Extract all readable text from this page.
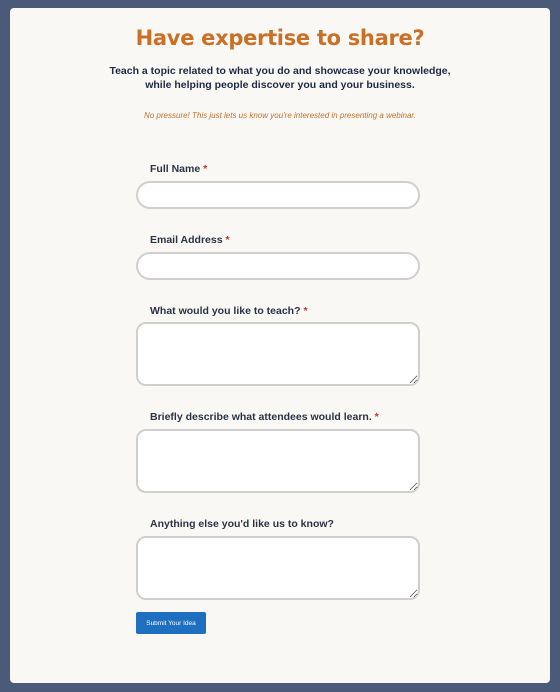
Have expertise to share?
Teach a topic related to what you do and showcase your knowledge, while helping people discover you and your business.
No pressure! This just lets us know you're interested in presenting a webinar.
Full Name *
Email Address *
What would you like to teach? *
Briefly describe what attendees would learn. *
Anything else you'd like us to know?
Submit Your Idea
